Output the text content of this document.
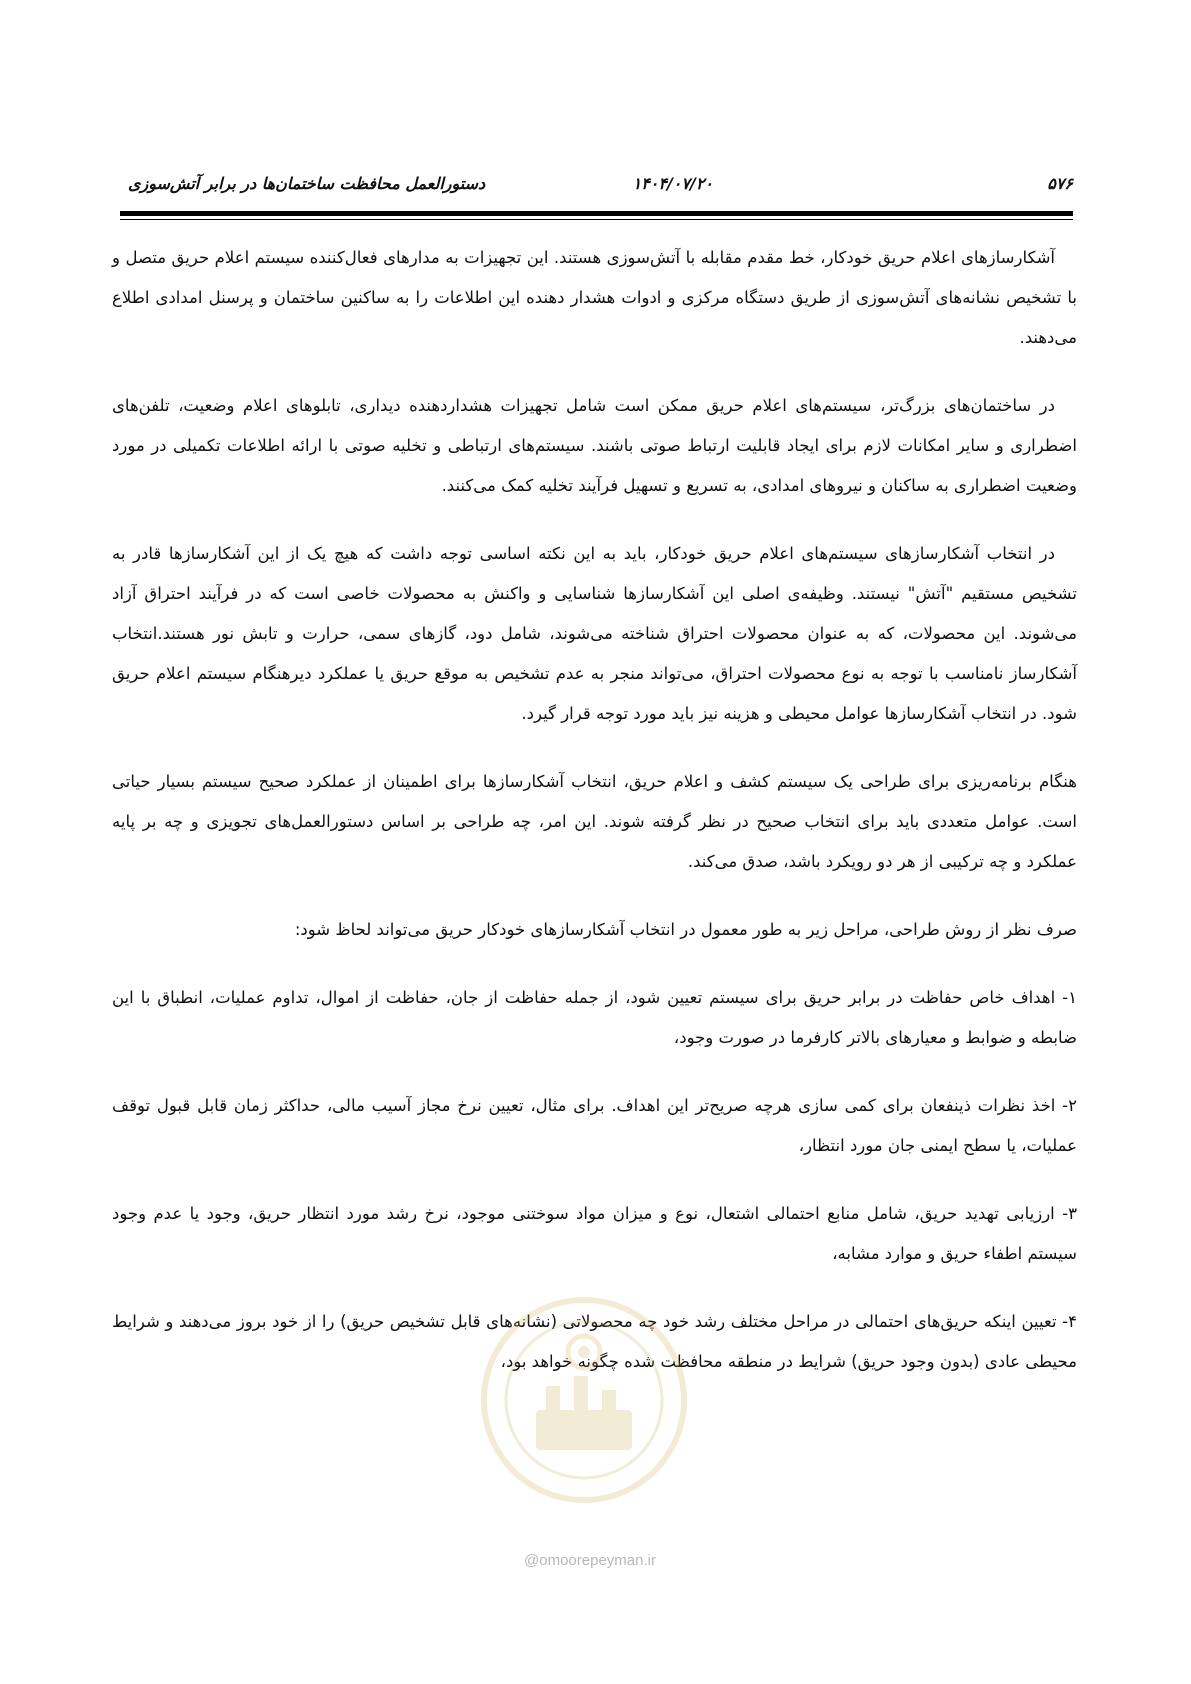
۵۷۶
۱۴۰۴/۰۷/۲۰
دستورالعمل محافظت ساختمان‌ها در برابر آتش‌سوزی

آشکارسازهای اعلام حریق خودکار، خط مقدم مقابله با آتش‌سوزی هستند. این تجهیزات به مدارهای فعال‌کننده سیستم اعلام حریق متصل و با تشخیص نشانه‌های آتش‌سوزی از طریق دستگاه مرکزی و ادوات هشدار دهنده این اطلاعات را به ساکنین ساختمان و پرسنل امدادی اطلاع می‌دهند.

در ساختمان‌های بزرگ‌تر، سیستم‌های اعلام حریق ممکن است شامل تجهیزات هشداردهنده دیداری، تابلوهای اعلام وضعیت، تلفن‌های اضطراری و سایر امکانات لازم برای ایجاد قابلیت ارتباط صوتی باشند. سیستم‌های ارتباطی و تخلیه صوتی با ارائه اطلاعات تکمیلی در مورد وضعیت اضطراری به ساکنان و نیروهای امدادی، به تسریع و تسهیل فرآیند تخلیه کمک می‌کنند.

در انتخاب آشکارسازهای سیستم‌های اعلام حریق خودکار، باید به این نکته اساسی توجه داشت که هیچ یک از این آشکارسازها قادر به تشخیص مستقیم "آتش" نیستند. وظیفه‌ی اصلی این آشکارسازها شناسایی و واکنش به محصولات خاصی است که در فرآیند احتراق آزاد می‌شوند. این محصولات، که به عنوان محصولات احتراق شناخته می‌شوند، شامل دود، گازهای سمی، حرارت و تابش نور هستند.انتخاب آشکارساز نامناسب با توجه به نوع محصولات احتراق، می‌تواند منجر به عدم تشخیص به موقع حریق یا عملکرد دیرهنگام سیستم اعلام حریق شود. در انتخاب آشکارسازها عوامل محیطی و هزینه نیز باید مورد توجه قرار گیرد.

هنگام برنامه‌ریزی برای طراحی یک سیستم کشف و اعلام حریق، انتخاب آشکارسازها برای اطمینان از عملکرد صحیح سیستم بسیار حیاتی است. عوامل متعددی باید برای انتخاب صحیح در نظر گرفته شوند. این امر، چه طراحی بر اساس دستورالعمل‌های تجویزی و چه بر پایه عملکرد و چه ترکیبی از هر دو رویکرد باشد، صدق می‌کند.

صرف نظر از روش طراحی، مراحل زیر به طور معمول در انتخاب آشکارسازهای خودکار حریق می‌تواند لحاظ شود:

۱- اهداف خاص حفاظت در برابر حریق برای سیستم تعیین شود، از جمله حفاظت از جان، حفاظت از اموال، تداوم عملیات، انطباق با این ضابطه و ضوابط و معیارهای بالاتر کارفرما در صورت وجود،

۲- اخذ نظرات ذینفعان برای کمی سازی هرچه صریح‌تر این اهداف. برای مثال، تعیین نرخ مجاز آسیب مالی، حداکثر زمان قابل قبول توقف عملیات، یا سطح ایمنی جان مورد انتظار،

۳- ارزیابی تهدید حریق، شامل منابع احتمالی اشتعال، نوع و میزان مواد سوختنی موجود، نرخ رشد مورد انتظار حریق، وجود یا عدم وجود سیستم اطفاء حریق و موارد مشابه،

۴- تعیین اینکه حریق‌های احتمالی در مراحل مختلف رشد خود چه محصولاتی (نشانه‌های قابل تشخیص حریق) را از خود بروز می‌دهند و شرایط محیطی عادی (بدون وجود حریق) شرایط در منطقه محافظت شده چگونه خواهد بود،

@omoorepeyman.ir
